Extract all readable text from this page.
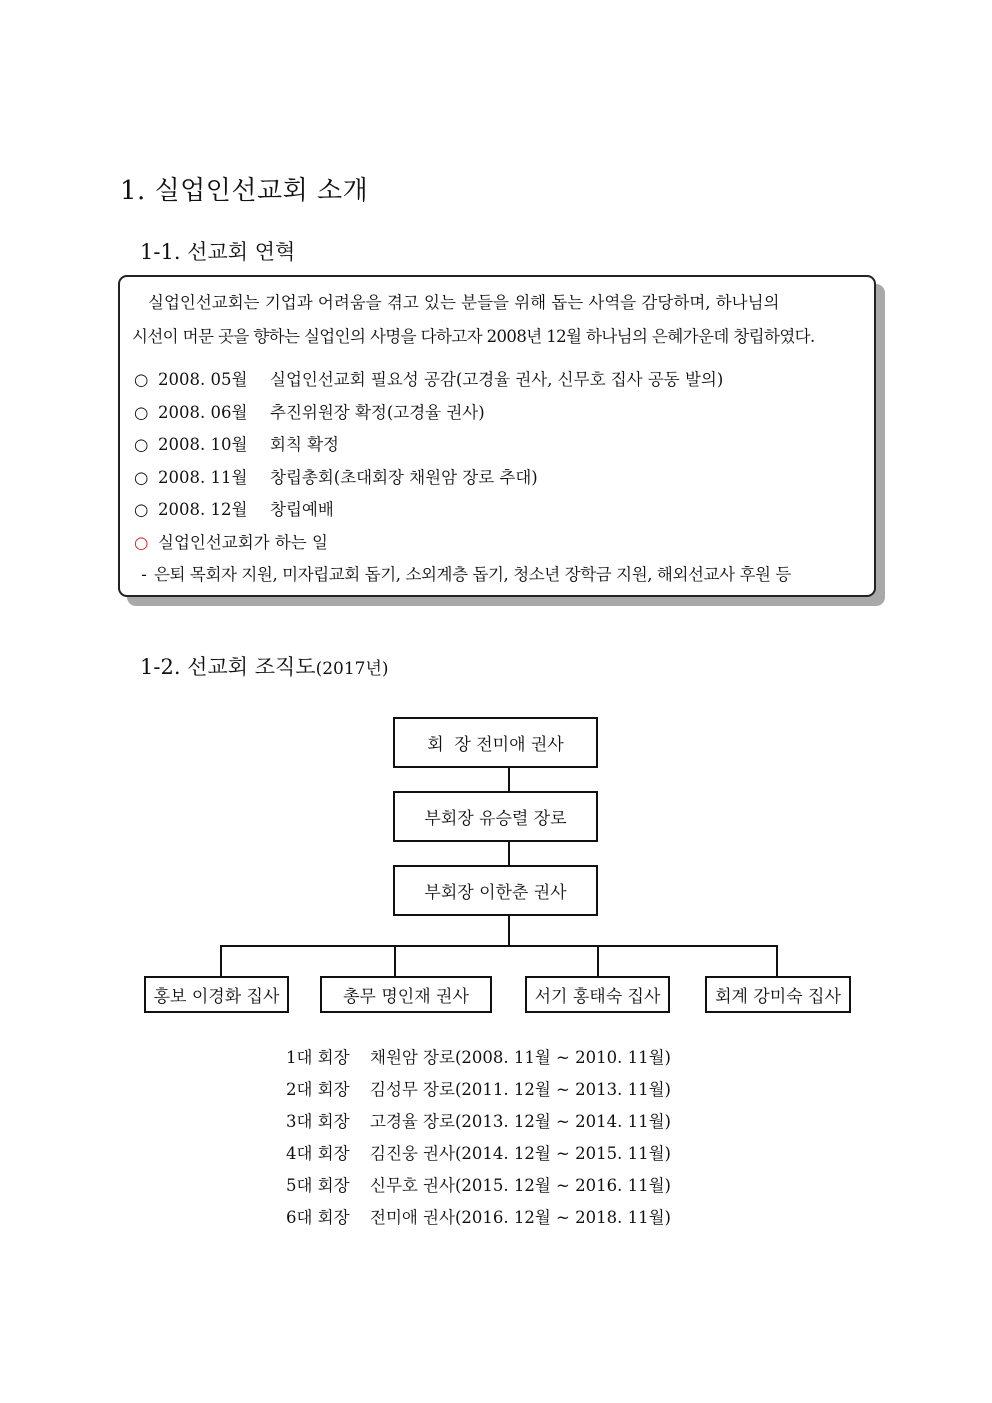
1. 실업인선교회 소개
1-1. 선교회 연혁

실업인선교회는 기업과 어려움을 겪고 있는 분들을 위해 돕는 사역을 감당하며, 하나님의

시선이 머문 곳을 향하는 실업인의 사명을 다하고자 2008년 12월 하나님의 은혜가운데 창립하였다.

○ 2008. 05월 실업인선교회 필요성 공감(고경율 권사, 신무호 집사 공동 발의)
○ 2008. 06월 추진위원장 확정(고경율 권사)
○ 2008. 10월 회칙 확정
○ 2008. 11월 창립총회(초대회장 채원암 장로 추대)
○ 2008. 12월 창립예배
○ 실업인선교회가 하는 일
- 은퇴 목회자 지원, 미자립교회 돕기, 소외계층 돕기, 청소년 장학금 지원, 해외선교사 후원 등
1-2. 선교회 조직도(2017년)
회  장 전미애 권사
부회장 유승렬 장로
부회장 이한춘 권사
홍보 이경화 집사	총무 명인재 권사	서기 홍태숙 집사	회계 강미숙 집사
1대 회장 채원암 장로(2008. 11월 ~ 2010. 11월)
2대 회장 김성무 장로(2011. 12월 ~ 2013. 11월)
3대 회장 고경율 장로(2013. 12월 ~ 2014. 11월)
4대 회장 김진웅 권사(2014. 12월 ~ 2015. 11월)
5대 회장 신무호 권사(2015. 12월 ~ 2016. 11월)
6대 회장 전미애 권사(2016. 12월 ~ 2018. 11월)
